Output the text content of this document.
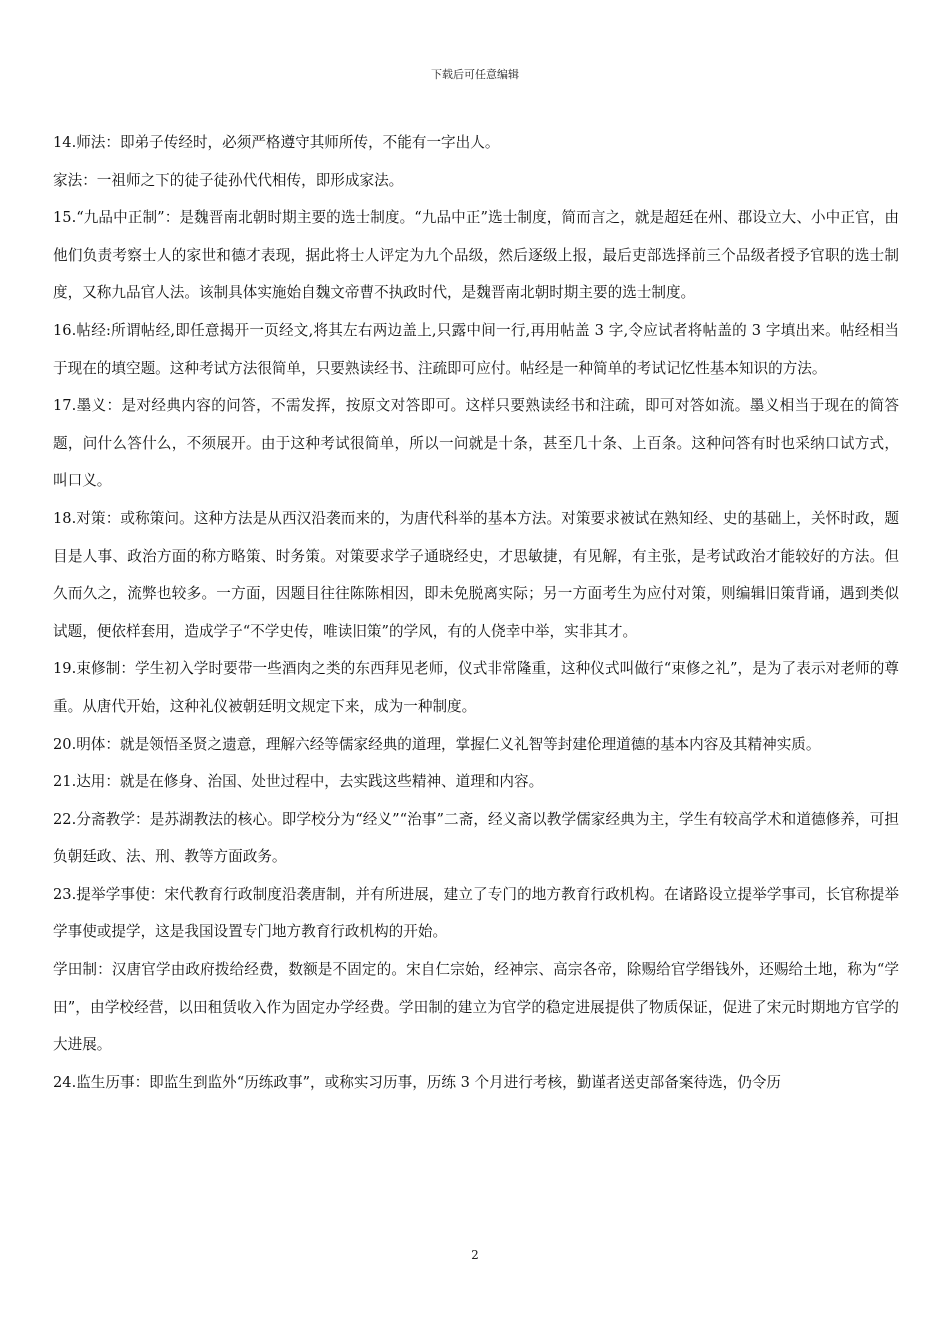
下载后可任意编辑

14.师法：即弟子传经时，必须严格遵守其师所传，不能有一字出人。

家法：一祖师之下的徒子徒孙代代相传，即形成家法。

15.“九品中正制”：是魏晋南北朝时期主要的选士制度。“九品中正”选士制度，简而言之，就是超廷在州、郡设立大、小中正官，由他们负责考察士人的家世和德才表现，据此将士人评定为九个品级，然后逐级上报，最后吏部选择前三个品级者授予官职的选士制度，又称九品官人法。该制具体实施始自魏文帝曹不执政时代，是魏晋南北朝时期主要的选士制度。

16.帖经:所谓帖经,即任意揭开一页经文,将其左右两边盖上,只露中间一行,再用帖盖 3 字,令应试者将帖盖的 3 字填出来。帖经相当于现在的填空题。这种考试方法很简单，只要熟读经书、注疏即可应付。帖经是一种简单的考试记忆性基本知识的方法。

17.墨义：是对经典内容的问答，不需发挥，按原文对答即可。这样只要熟读经书和注疏，即可对答如流。墨义相当于现在的简答题，问什么答什么，不须展开。由于这种考试很简单，所以一问就是十条，甚至几十条、上百条。这种问答有时也采纳口试方式，叫口义。

18.对策：或称策问。这种方法是从西汉沿袭而来的，为唐代科举的基本方法。对策要求被试在熟知经、史的基础上，关怀时政，题目是人事、政治方面的称方略策、时务策。对策要求学子通晓经史，才思敏捷，有见解，有主张，是考试政治才能较好的方法。但久而久之，流弊也较多。一方面，因题目往往陈陈相因，即未免脱离实际；另一方面考生为应付对策，则编辑旧策背诵，遇到类似试题，便依样套用，造成学子“不学史传，唯读旧策”的学风，有的人侥幸中举，实非其才。

19.束修制：学生初入学时要带一些酒肉之类的东西拜见老师，仪式非常隆重，这种仪式叫做行“束修之礼”，是为了表示对老师的尊重。从唐代开始，这种礼仪被朝廷明文规定下来，成为一种制度。

20.明体：就是领悟圣贤之遗意，理解六经等儒家经典的道理，掌握仁义礼智等封建伦理道德的基本内容及其精神实质。

21.达用：就是在修身、治国、处世过程中，去实践这些精神、道理和内容。

22.分斋教学：是苏湖教法的核心。即学校分为“经义”“治事”二斋，经义斋以教学儒家经典为主，学生有较高学术和道德修养，可担负朝廷政、法、刑、教等方面政务。

23.提举学事使：宋代教育行政制度沿袭唐制，并有所进展，建立了专门的地方教育行政机构。在诸路设立提举学事司，长官称提举学事使或提学，这是我国设置专门地方教育行政机构的开始。

学田制：汉唐官学由政府拨给经费，数额是不固定的。宋自仁宗始，经神宗、高宗各帝，除赐给官学缗钱外，还赐给土地，称为“学田”，由学校经营，以田租赁收入作为固定办学经费。学田制的建立为官学的稳定进展提供了物质保证，促进了宋元时期地方官学的大进展。

24.监生历事：即监生到监外“历练政事”，或称实习历事，历练 3 个月进行考核，勤谨者送吏部备案待选，仍令历

2
